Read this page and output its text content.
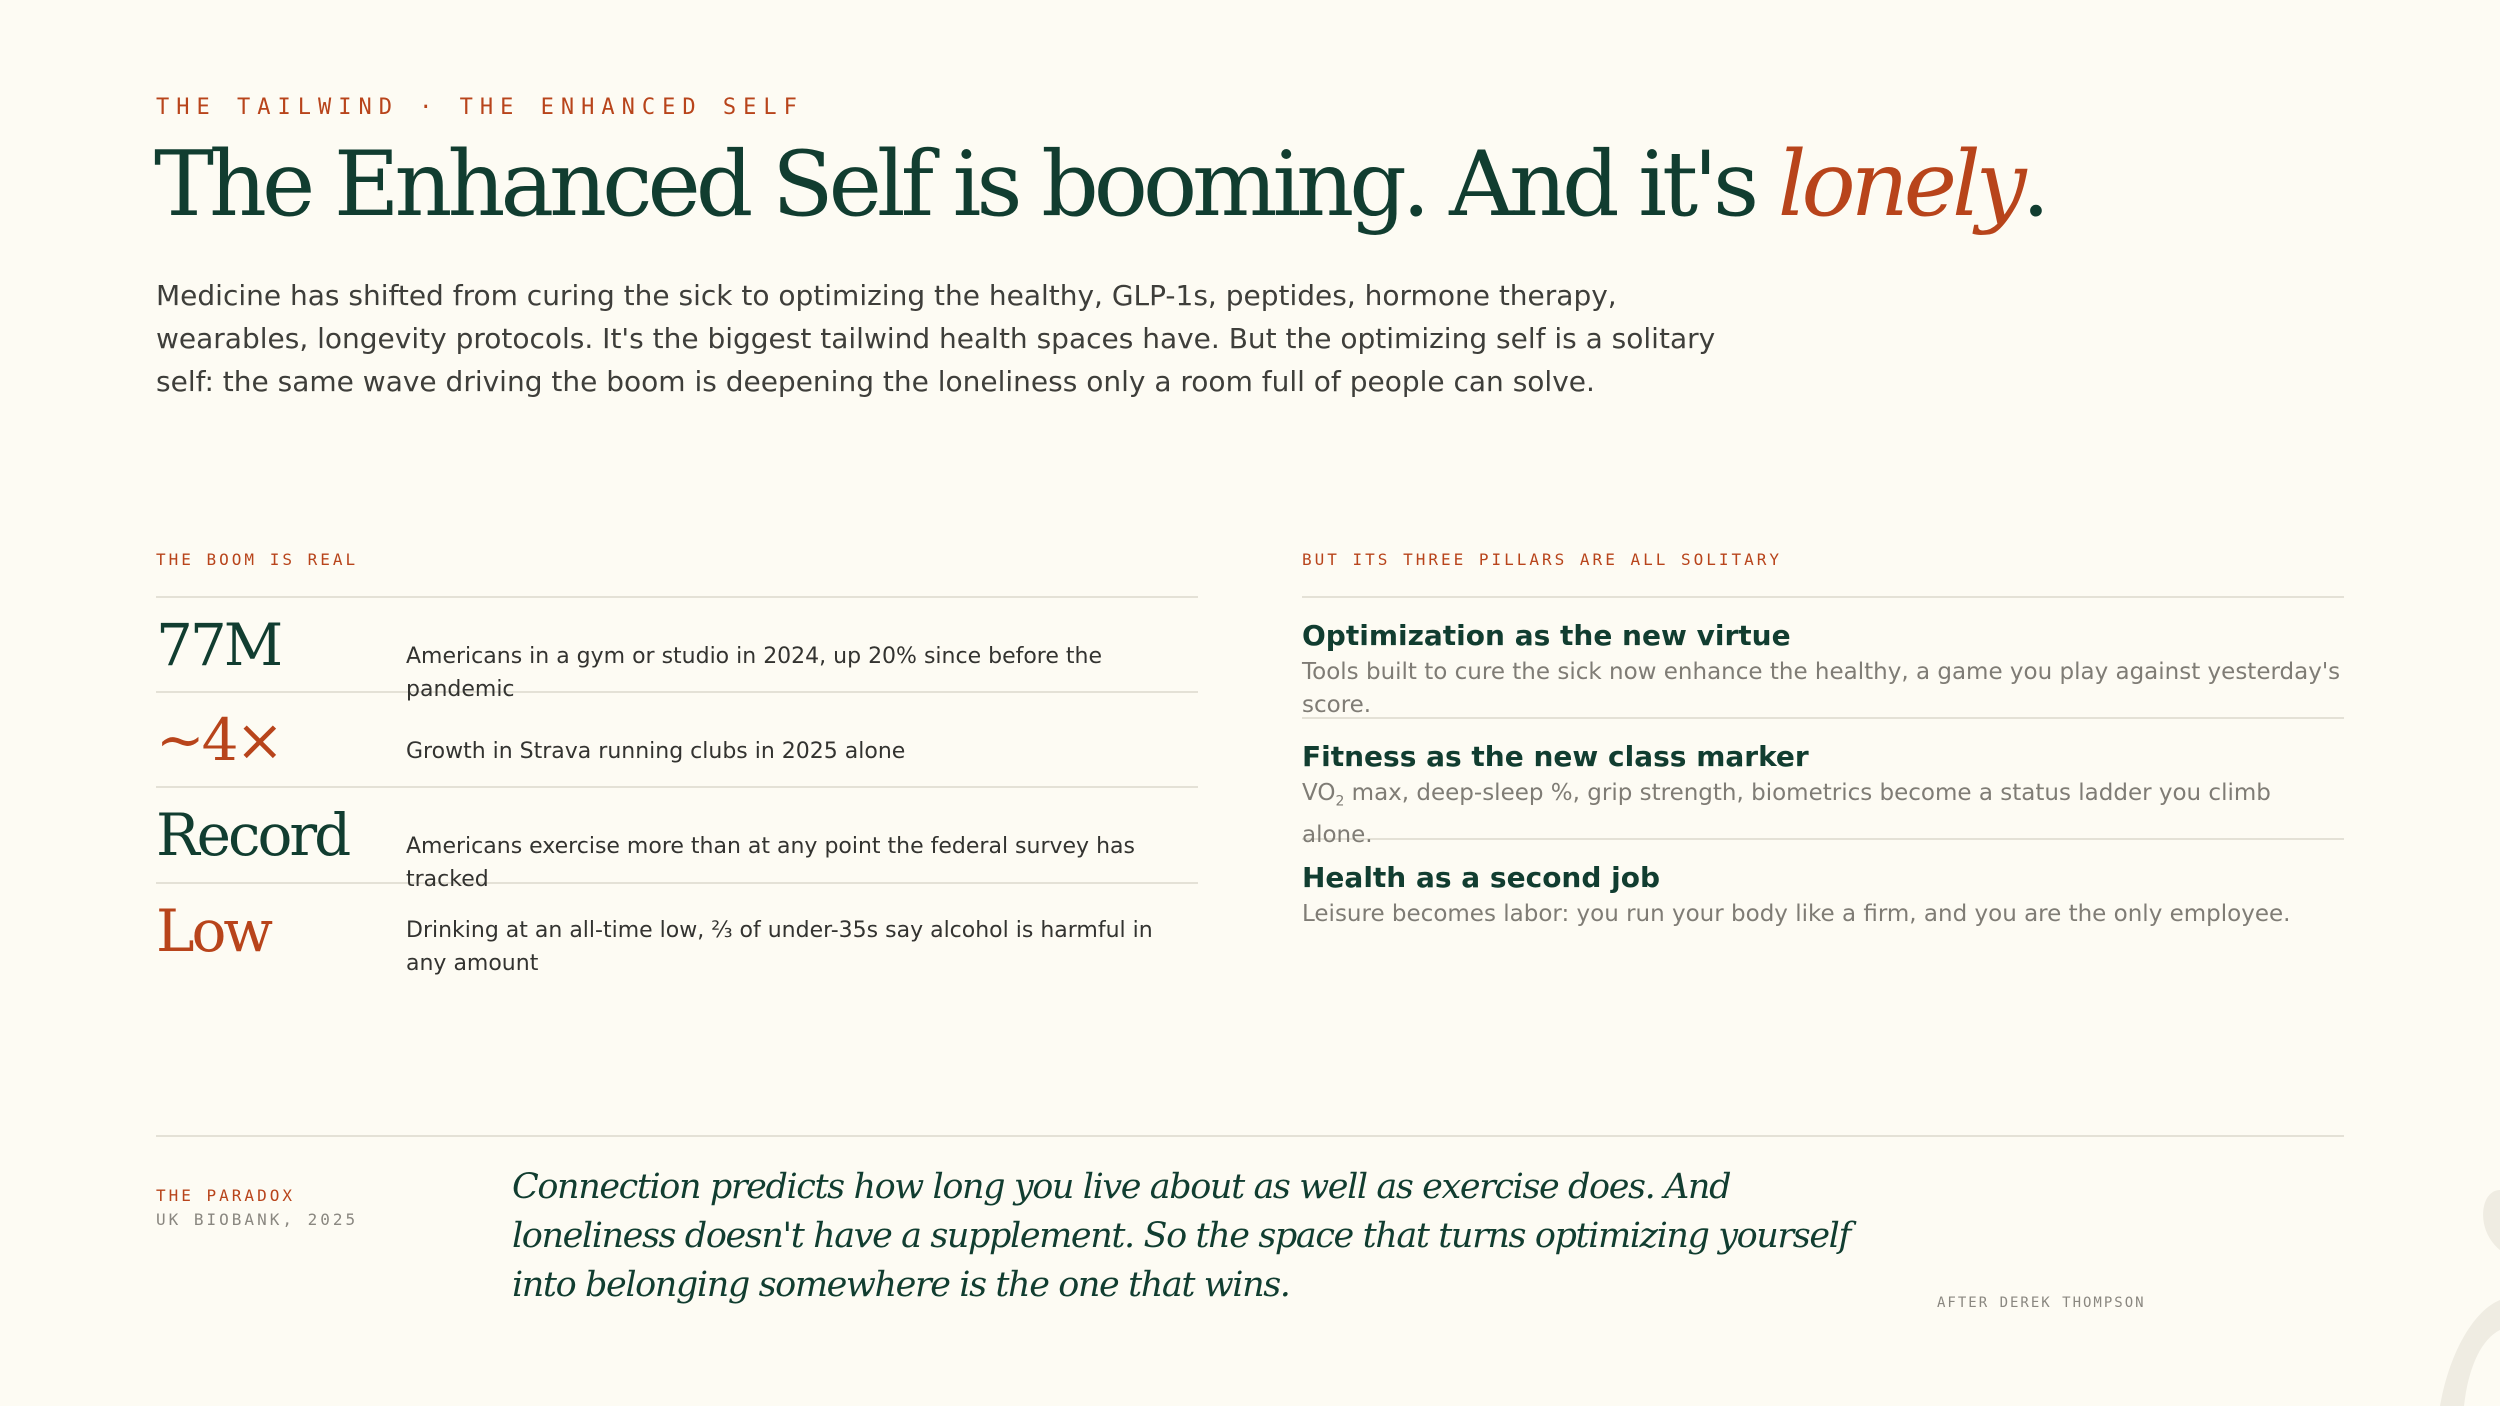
THE TAILWIND · THE ENHANCED SELF
The Enhanced Self is booming. And it's lonely.

Medicine has shifted from curing the sick to optimizing the healthy, GLP-1s, peptides, hormone therapy, wearables, longevity protocols. It's the biggest tailwind health spaces have. But the optimizing self is a solitary self: the same wave driving the boom is deepening the loneliness only a room full of people can solve.

THE BOOM IS REAL	BUT ITS THREE PILLARS ARE ALL SOLITARY
77M	Americans in a gym or studio in 2024, up 20% since before the pandemic
~4×	Growth in Strava running clubs in 2025 alone
Record	Americans exercise more than at any point the federal survey has tracked
Low	Drinking at an all-time low, ⅔ of under-35s say alcohol is harmful in any amount
Optimization as the new virtue
Tools built to cure the sick now enhance the healthy, a game you play against yesterday's score.
Fitness as the new class marker
$VO_2$ max, deep-sleep %, grip strength, biometrics become a status ladder you climb alone.
Health as a second job
Leisure becomes labor: you run your body like a firm, and you are the only employee.
THE PARADOX
UK BIOBANK, 2025

Connection predicts how long you live about as well as exercise does. And loneliness doesn't have a supplement. So the space that turns optimizing yourself into belonging somewhere is the one that wins.	AFTER DEREK THOMPSON
